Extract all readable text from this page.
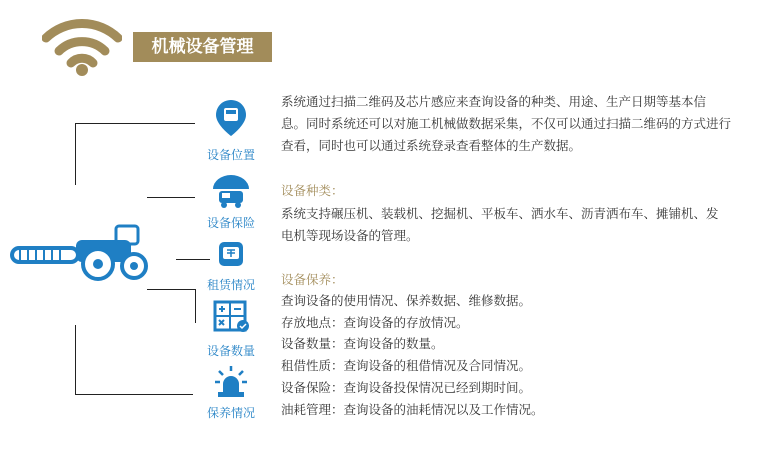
机械设备管理
设备位置
设备保险
租赁情况
设备数量
保养情况
系统通过扫描二维码及芯片感应来查询设备的种类、用途、生产日期等基本信
息。同时系统还可以对施工机械做数据采集，不仅可以通过扫描二维码的方式进行
查看，同时也可以通过系统登录查看整体的生产数据。
设备种类：
系统支持碾压机、装载机、挖掘机、平板车、洒水车、沥青洒布车、摊铺机、发
电机等现场设备的管理。
设备保养：
查询设备的使用情况、保养数据、维修数据。
存放地点：查询设备的存放情况。
设备数量：查询设备的数量。
租借性质：查询设备的租借情况及合同情况。
设备保险：查询设备投保情况已经到期时间。
油耗管理：查询设备的油耗情况以及工作情况。
